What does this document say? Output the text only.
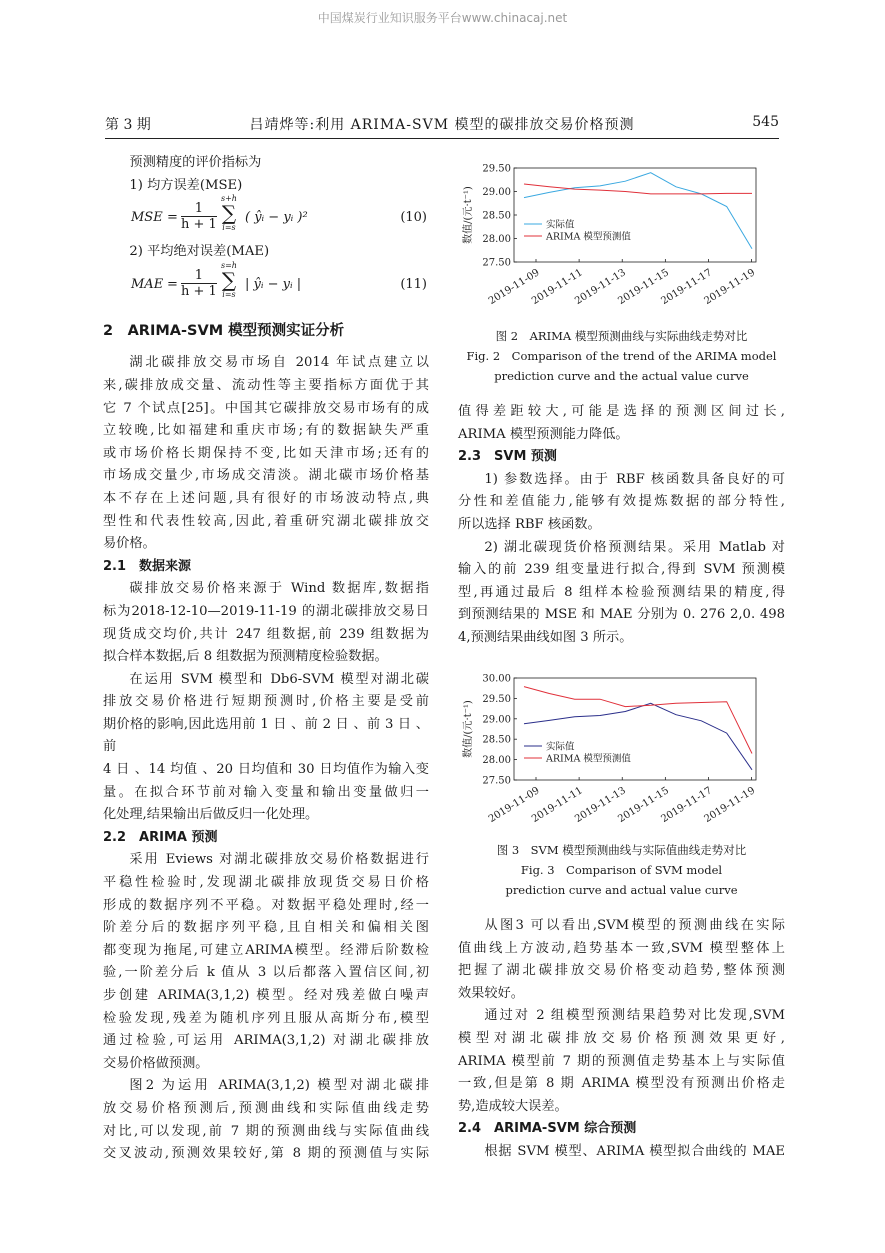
中国煤炭行业知识服务平台www.chinacaj.net
第 3 期	吕靖烨等:利用 ARIMA-SVM 模型的碳排放交易价格预测	545
预测精度的评价指标为
1) 均方误差(MSE)
MSE = $\frac{1}{h + 1}$
s+h
∑
i=s
( ŷᵢ − yᵢ )²	(10)
2) 平均绝对误差(MAE)
MAE = $\frac{1}{h + 1}$
s=h
∑
i=s
| ŷᵢ − yᵢ |	(11)
2　ARIMA-SVM 模型预测实证分析
湖北碳排放交易市场自 2014 年试点建立以
来,碳排放成交量、流动性等主要指标方面优于其
它 7 个试点[25]。中国其它碳排放交易市场有的成
立较晚,比如福建和重庆市场;有的数据缺失严重
或市场价格长期保持不变,比如天津市场;还有的
市场成交量少,市场成交清淡。湖北碳市场价格基
本不存在上述问题,具有很好的市场波动特点,典
型性和代表性较高,因此,着重研究湖北碳排放交
易价格。
2.1　数据来源
碳排放交易价格来源于 Wind 数据库,数据指
标为2018-12-10—2019-11-19 的湖北碳排放交易日
现货成交均价,共计 247 组数据,前 239 组数据为
拟合样本数据,后 8 组数据为预测精度检验数据。
在运用 SVM 模型和 Db6-SVM 模型对湖北碳
排放交易价格进行短期预测时,价格主要是受前
期价格的影响,因此选用前 1 日 、前 2 日 、前 3 日 、前
4 日 、14 均值 、20 日均值和 30 日均值作为输入变
量。在拟合环节前对输入变量和输出变量做归一
化处理,结果输出后做反归一化处理。
2.2　ARIMA 预测
采用 Eviews 对湖北碳排放交易价格数据进行
平稳性检验时,发现湖北碳排放现货交易日价格
形成的数据序列不平稳。对数据平稳处理时,经一
阶差分后的数据序列平稳,且自相关和偏相关图
都变现为拖尾,可建立ARIMA模型。经滞后阶数检
验,一阶差分后 k 值从 3 以后都落入置信区间,初
步创建 ARIMA(3,1,2) 模型。经对残差做白噪声
检验发现,残差为随机序列且服从高斯分布,模型
通过检验,可运用 ARIMA(3,1,2) 对湖北碳排放
交易价格做预测。
图2 为运用 ARIMA(3,1,2) 模型对湖北碳排
放交易价格预测后,预测曲线和实际值曲线走势
对比,可以发现,前 7 期的预测曲线与实际值曲线
交叉波动,预测效果较好,第 8 期的预测值与实际
27.50
28.00
28.50
29.00
29.50
数值/(元·t⁻¹)
2019-11-09
2019-11-11
2019-11-13
2019-11-15
2019-11-17
2019-11-19
实际值
ARIMA 模型预测值
图 2　ARIMA 模型预测曲线与实际曲线走势对比
Fig. 2　Comparison of the trend of the ARIMA model
prediction curve and the actual value curve
值得差距较大,可能是选择的预测区间过长,
ARIMA 模型预测能力降低。
2.3　SVM 预测
1) 参数选择。由于 RBF 核函数具备良好的可
分性和差值能力,能够有效提炼数据的部分特性,
所以选择 RBF 核函数。
2) 湖北碳现货价格预测结果。采用 Matlab 对
输入的前 239 组变量进行拟合,得到 SVM 预测模
型,再通过最后 8 组样本检验预测结果的精度,得
到预测结果的 MSE 和 MAE 分别为 0. 276 2,0. 498
4,预测结果曲线如图 3 所示。
27.50
28.00
28.50
29.00
29.50
30.00
数值/(元·t⁻¹)
2019-11-09
2019-11-11
2019-11-13
2019-11-15
2019-11-17
2019-11-19
实际值
ARIMA 模型预测值
图 3　SVM 模型预测曲线与实际值曲线走势对比
Fig. 3　Comparison of SVM model
prediction curve and actual value curve
从图3 可以看出,SVM模型的预测曲线在实际
值曲线上方波动,趋势基本一致,SVM 模型整体上
把握了湖北碳排放交易价格变动趋势,整体预测
效果较好。
通过对 2 组模型预测结果趋势对比发现,SVM
模型对湖北碳排放交易价格预测效果更好,
ARIMA 模型前 7 期的预测值走势基本上与实际值
一致,但是第 8 期 ARIMA 模型没有预测出价格走
势,造成较大误差。
2.4　ARIMA-SVM 综合预测
根据 SVM 模型、ARIMA 模型拟合曲线的 MAE
